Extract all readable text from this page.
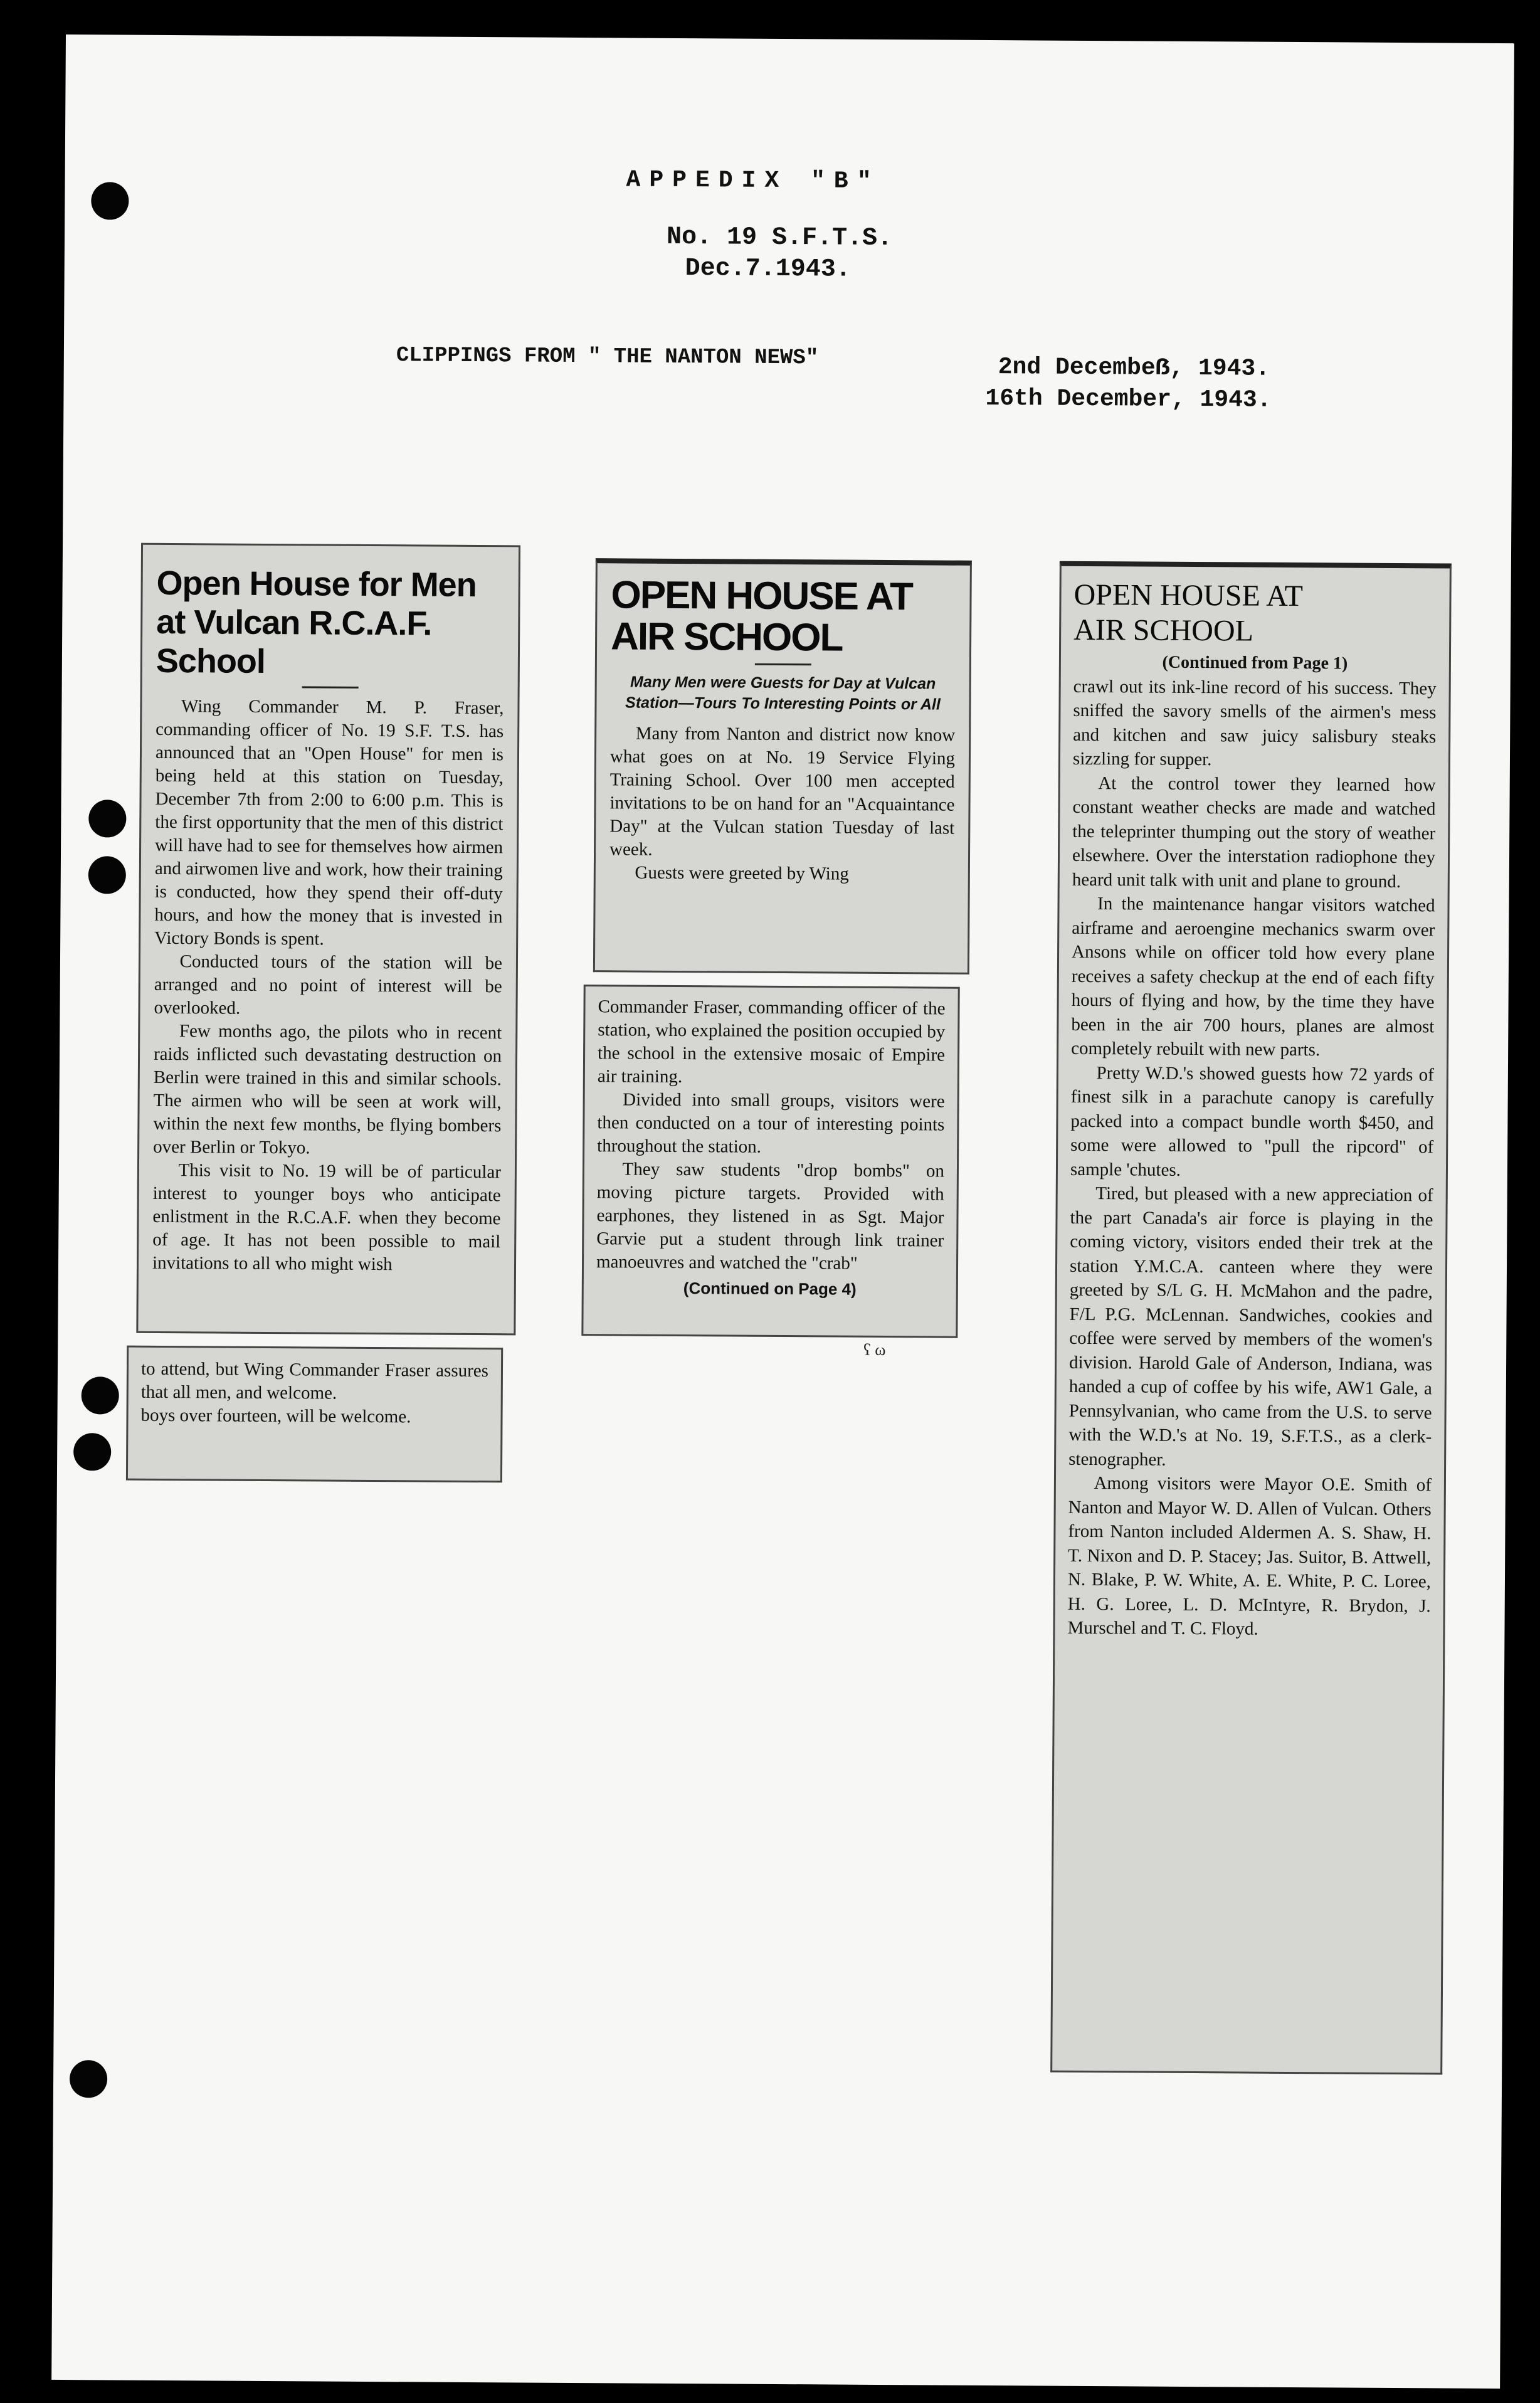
APPEDIX "B"
No. 19 S.F.T.S.
Dec.7.1943.
CLIPPINGS FROM " THE NANTON NEWS"	2nd Decembeẞ, 1943.
16th December, 1943.
Open House for Men at Vulcan R.C.A.F. School

Wing Commander M. P. Fraser, commanding officer of No. 19 S.F. T.S. has announced that an "Open House" for men is being held at this station on Tuesday, December 7th from 2:00 to 6:00 p.m. This is the first opportunity that the men of this district will have had to see for themselves how airmen and airwomen live and work, how their training is conducted, how they spend their off-duty hours, and how the money that is invested in Victory Bonds is spent.

Conducted tours of the station will be arranged and no point of interest will be overlooked.

Few months ago, the pilots who in recent raids inflicted such devastating destruction on Berlin were trained in this and similar schools. The airmen who will be seen at work will, within the next few months, be flying bombers over Berlin or Tokyo.

This visit to No. 19 will be of particular interest to younger boys who anticipate enlistment in the R.C.A.F. when they become of age. It has not been possible to mail invitations to all who might wish

to attend, but Wing Commander Fraser assures that all men, and welcome.

boys over fourteen, will be welcome.

OPEN HOUSE AT AIR SCHOOL
Many Men were Guests for Day at Vulcan Station—Tours To Interesting Points or All

Many from Nanton and district now know what goes on at No. 19 Service Flying Training School. Over 100 men accepted invitations to be on hand for an "Acquaintance Day" at the Vulcan station Tuesday of last week.

Guests were greeted by Wing

Commander Fraser, commanding officer of the station, who explained the position occupied by the school in the extensive mosaic of Empire air training.

Divided into small groups, visitors were then conducted on a tour of interesting points throughout the station.

They saw students "drop bombs" on moving picture targets. Provided with earphones, they listened in as Sgt. Major Garvie put a student through link trainer manoeuvres and watched the "crab"

(Continued on Page 4)
ʕ ω
OPEN HOUSE AT AIR SCHOOL
(Continued from Page 1)

crawl out its ink-line record of his success. They sniffed the savory smells of the airmen's mess and kitchen and saw juicy salisbury steaks sizzling for supper.

At the control tower they learned how constant weather checks are made and watched the teleprinter thumping out the story of weather elsewhere. Over the interstation radiophone they heard unit talk with unit and plane to ground.

In the maintenance hangar visitors watched airframe and aeroengine mechanics swarm over Ansons while on officer told how every plane receives a safety checkup at the end of each fifty hours of flying and how, by the time they have been in the air 700 hours, planes are almost completely rebuilt with new parts.

Pretty W.D.'s showed guests how 72 yards of finest silk in a parachute canopy is carefully packed into a compact bundle worth $450, and some were allowed to "pull the ripcord" of sample 'chutes.

Tired, but pleased with a new appreciation of the part Canada's air force is playing in the coming victory, visitors ended their trek at the station Y.M.C.A. canteen where they were greeted by S/L G. H. McMahon and the padre, F/L P.G. McLennan. Sandwiches, cookies and coffee were served by members of the women's division. Harold Gale of Anderson, Indiana, was handed a cup of coffee by his wife, AW1 Gale, a Pennsylvanian, who came from the U.S. to serve with the W.D.'s at No. 19, S.F.T.S., as a clerk-stenographer.

Among visitors were Mayor O.E. Smith of Nanton and Mayor W. D. Allen of Vulcan. Others from Nanton included Aldermen A. S. Shaw, H. T. Nixon and D. P. Stacey; Jas. Suitor, B. Attwell, N. Blake, P. W. White, A. E. White, P. C. Loree, H. G. Loree, L. D. McIntyre, R. Brydon, J. Murschel and T. C. Floyd.
